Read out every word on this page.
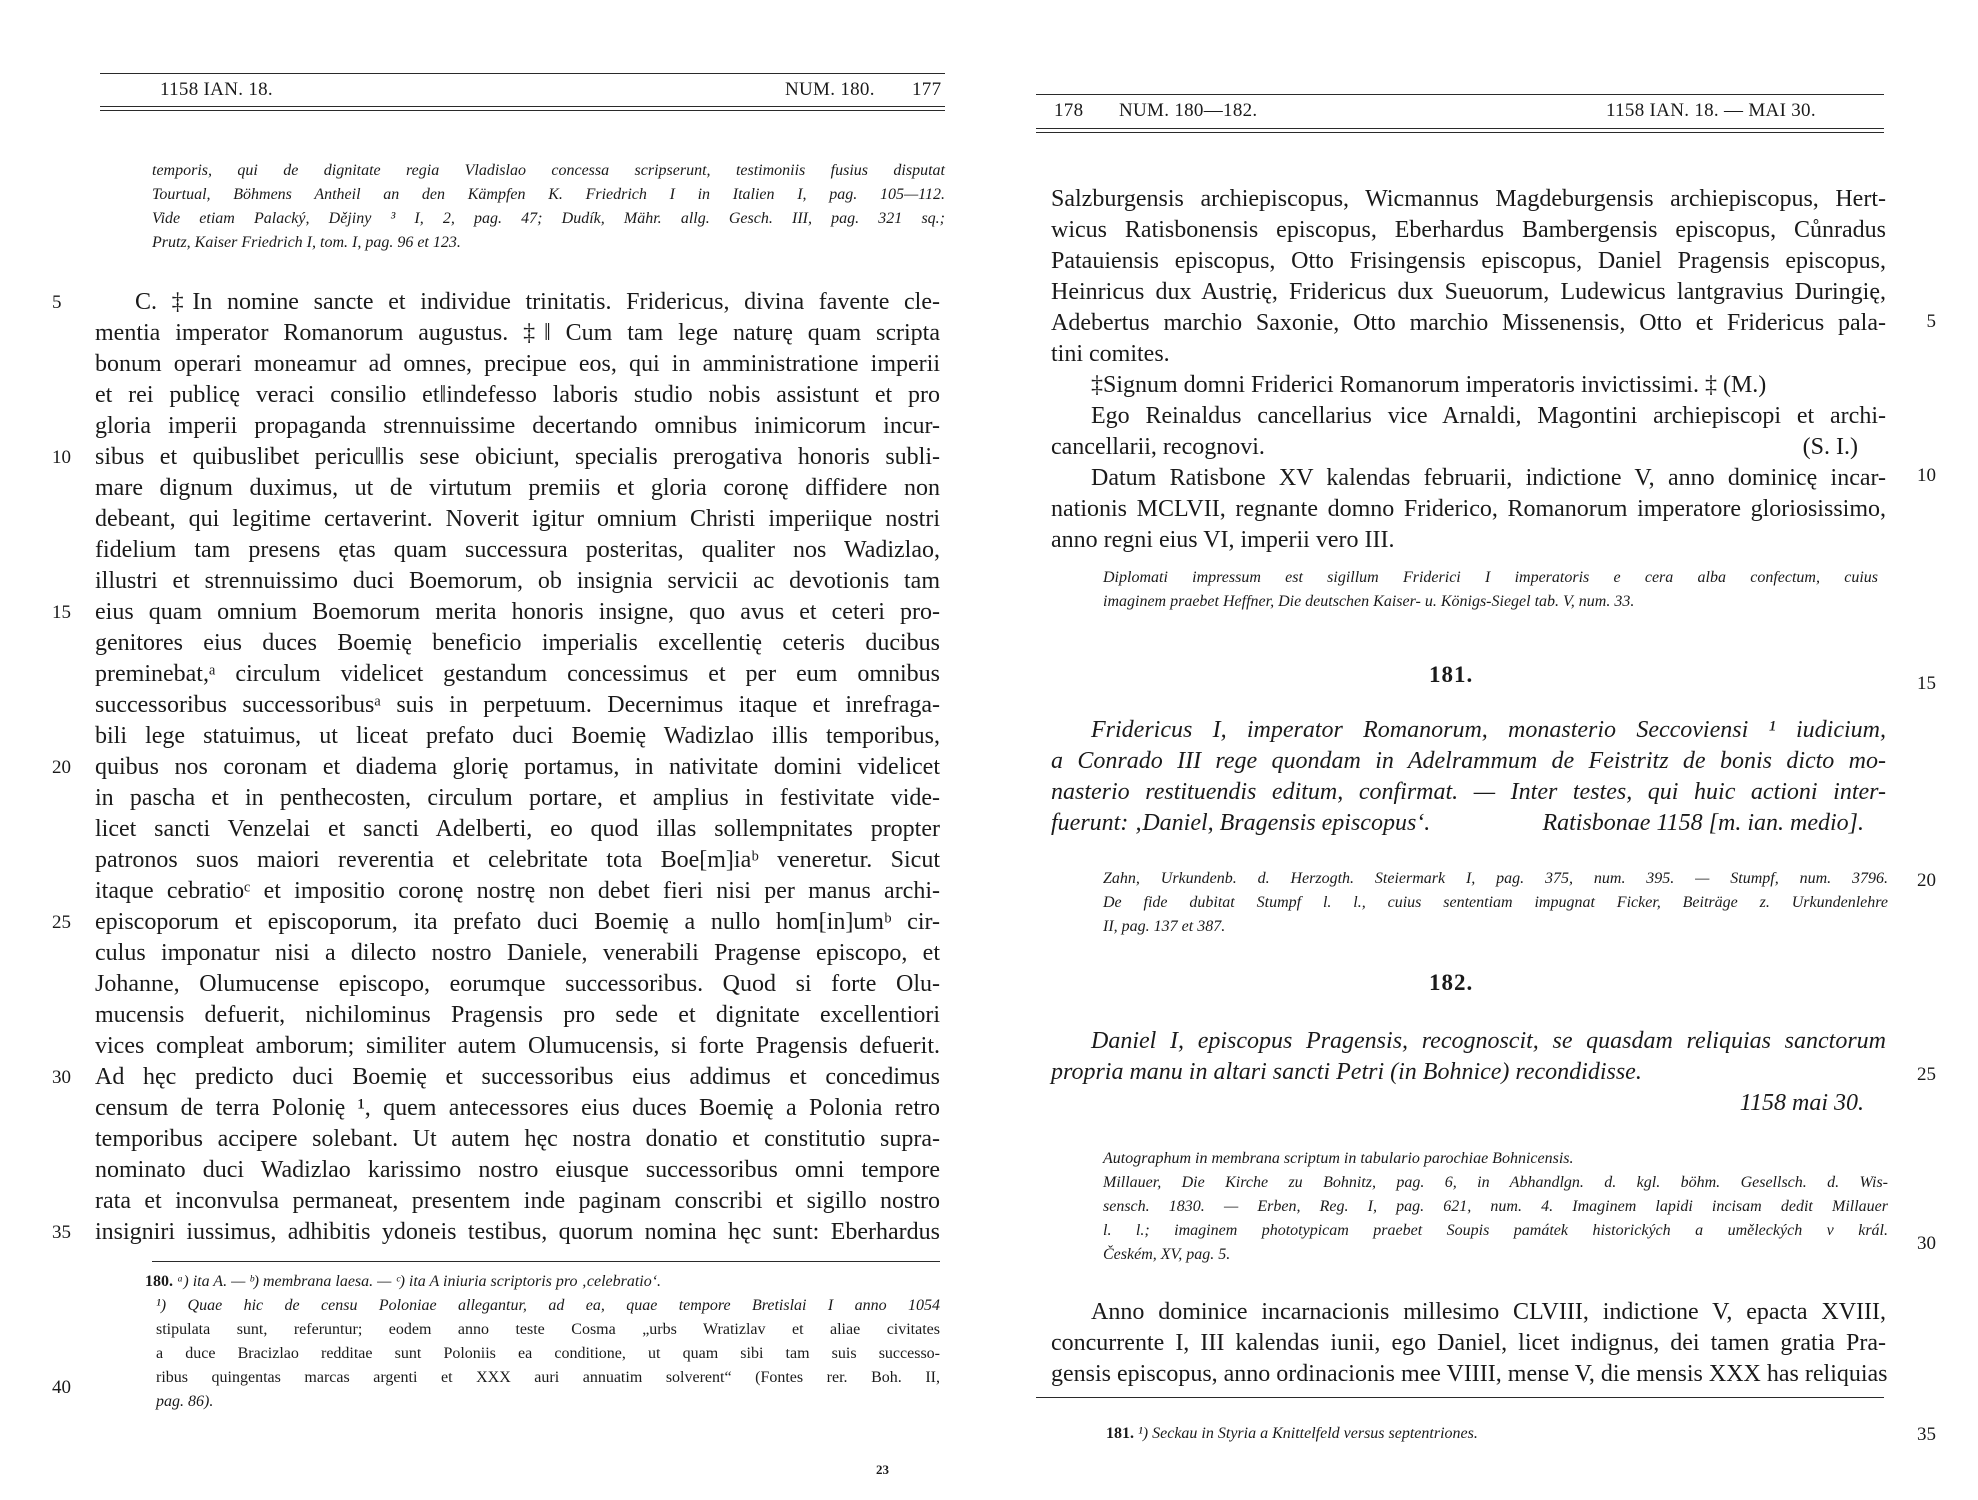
1158 IAN. 18.	NUM. 180. 177
temporis, qui de dignitate regia Vladislao concessa scripserunt, testimoniis fusius disputat
Tourtual, Böhmens Antheil an den Kämpfen K. Friedrich I in Italien I, pag. 105—112.
Vide etiam Palacký, Dějiny ³ I, 2, pag. 47; Dudík, Mähr. allg. Gesch. III, pag. 321 sq.;
Prutz, Kaiser Friedrich I, tom. I, pag. 96 et 123.
C. ‡In nomine sancte et individue trinitatis. Fridericus, divina favente cle-
mentia imperator Romanorum augustus. ‡‖ Cum tam lege naturę quam scripta
bonum operari moneamur ad omnes, precipue eos, qui in amministratione imperii
et rei publicę veraci consilio et‖indefesso laboris studio nobis assistunt et pro
gloria imperii propaganda strennuissime decertando omnibus inimicorum incur-
sibus et quibuslibet pericu‖lis sese obiciunt, specialis prerogativa honoris subli-
mare dignum duximus, ut de virtutum premiis et gloria coronę diffidere non
debeant, qui legitime certaverint. Noverit igitur omnium Christi imperiique nostri
fidelium tam presens ętas quam successura posteritas, qualiter nos Wadizlao,
illustri et strennuissimo duci Boemorum, ob insignia servicii ac devotionis tam
eius quam omnium Boemorum merita honoris insigne, quo avus et ceteri pro-
genitores eius duces Boemię beneficio imperialis excellentię ceteris ducibus
preminebat,ᵃ circulum videlicet gestandum concessimus et per eum omnibus
successoribus successoribusᵃ suis in perpetuum. Decernimus itaque et inrefraga-
bili lege statuimus, ut liceat prefato duci Boemię Wadizlao illis temporibus,
quibus nos coronam et diadema glorię portamus, in nativitate domini videlicet
in pascha et in penthecosten, circulum portare, et amplius in festivitate vide-
licet sancti Venzelai et sancti Adelberti, eo quod illas sollempnitates propter
patronos suos maiori reverentia et celebritate tota Boe[m]iaᵇ veneretur. Sicut
itaque cebratioᶜ et impositio coronę nostrę non debet fieri nisi per manus archi-
episcoporum et episcoporum, ita prefato duci Boemię a nullo hom[in]umᵇ cir-
culus imponatur nisi a dilecto nostro Daniele, venerabili Pragense episcopo, et
Johanne, Olumucense episcopo, eorumque successoribus. Quod si forte Olu-
mucensis defuerit, nichilominus Pragensis pro sede et dignitate excellentiori
vices compleat amborum; similiter autem Olumucensis, si forte Pragensis defuerit.
Ad hęc predicto duci Boemię et successoribus eius addimus et concedimus
censum de terra Polonię ¹, quem antecessores eius duces Boemię a Polonia retro
temporibus accipere solebant. Ut autem hęc nostra donatio et constitutio supra-
nominato duci Wadizlao karissimo nostro eiusque successoribus omni tempore
rata et inconvulsa permaneat, presentem inde paginam conscribi et sigillo nostro
insigniri iussimus, adhibitis ydoneis testibus, quorum nomina hęc sunt: Eberhardus
5
10
15
20
25
30
35
40
180. ᵃ) ita A. — ᵇ) membrana laesa. — ᶜ) ita A iniuria scriptoris pro ‚celebratio‘.
¹) Quae hic de censu Poloniae allegantur, ad ea, quae tempore Bretislai I anno 1054
stipulata sunt, referuntur; eodem anno teste Cosma „urbs Wratizlav et aliae civitates
a duce Bracizlao redditae sunt Poloniis ea conditione, ut quam sibi tam suis successo-
ribus quingentas marcas argenti et XXX auri annuatim solverent“ (Fontes rer. Boh. II,
pag. 86).
23
178 NUM. 180—182.	1158 IAN. 18. — MAI 30.
Salzburgensis archiepiscopus, Wicmannus Magdeburgensis archiepiscopus, Hert-
wicus Ratisbonensis episcopus, Eberhardus Bambergensis episcopus, Cůnradus
Patauiensis episcopus, Otto Frisingensis episcopus, Daniel Pragensis episcopus,
Heinricus dux Austrię, Fridericus dux Sueuorum, Ludewicus lantgravius Duringię,
Adebertus marchio Saxonie, Otto marchio Missenensis, Otto et Fridericus pala-
tini comites.
‡Signum domni Friderici Romanorum imperatoris invictissimi. ‡ (M.)
Ego Reinaldus cancellarius vice Arnaldi, Magontini archiepiscopi et archi-
cancellarii, recognovi.	(S. I.)
Datum Ratisbone XV kalendas februarii, indictione V, anno dominicę incar-
nationis MCLVII, regnante domno Friderico, Romanorum imperatore gloriosissimo,
anno regni eius VI, imperii vero III.
Diplomati impressum est sigillum Friderici I imperatoris e cera alba confectum, cuius
imaginem praebet Heffner, Die deutschen Kaiser- u. Königs-Siegel tab. V, num. 33.
181.
Fridericus I, imperator Romanorum, monasterio Seccoviensi ¹ iudicium,
a Conrado III rege quondam in Adelrammum de Feistritz de bonis dicto mo-
nasterio restituendis editum, confirmat. — Inter testes, qui huic actioni inter-
fuerunt: ‚Daniel, Bragensis episcopus‘.	Ratisbonae 1158 [m. ian. medio].
Zahn, Urkundenb. d. Herzogth. Steiermark I, pag. 375, num. 395. — Stumpf, num. 3796.
De fide dubitat Stumpf l. l., cuius sententiam impugnat Ficker, Beiträge z. Urkundenlehre
II, pag. 137 et 387.
182.
Daniel I, episcopus Pragensis, recognoscit, se quasdam reliquias sanctorum
propria manu in altari sancti Petri (in Bohnice) recondidisse.
1158 mai 30.
Autographum in membrana scriptum in tabulario parochiae Bohnicensis.
Millauer, Die Kirche zu Bohnitz, pag. 6, in Abhandlgn. d. kgl. böhm. Gesellsch. d. Wis-
sensch. 1830. — Erben, Reg. I, pag. 621, num. 4. Imaginem lapidi incisam dedit Millauer
l. l.; imaginem phototypicam praebet Soupis památek historických a uměleckých v král.
Českém, XV, pag. 5.
Anno dominice incarnacionis millesimo CLVIII, indictione V, epacta XVIII,
concurrente I, III kalendas iunii, ego Daniel, licet indignus, dei tamen gratia Pra-
gensis episcopus, anno ordinacionis mee VIIII, mense V, die mensis XXX has reliquias
181. ¹) Seckau in Styria a Knittelfeld versus septentriones.
5
10
15
20
25
30
35
